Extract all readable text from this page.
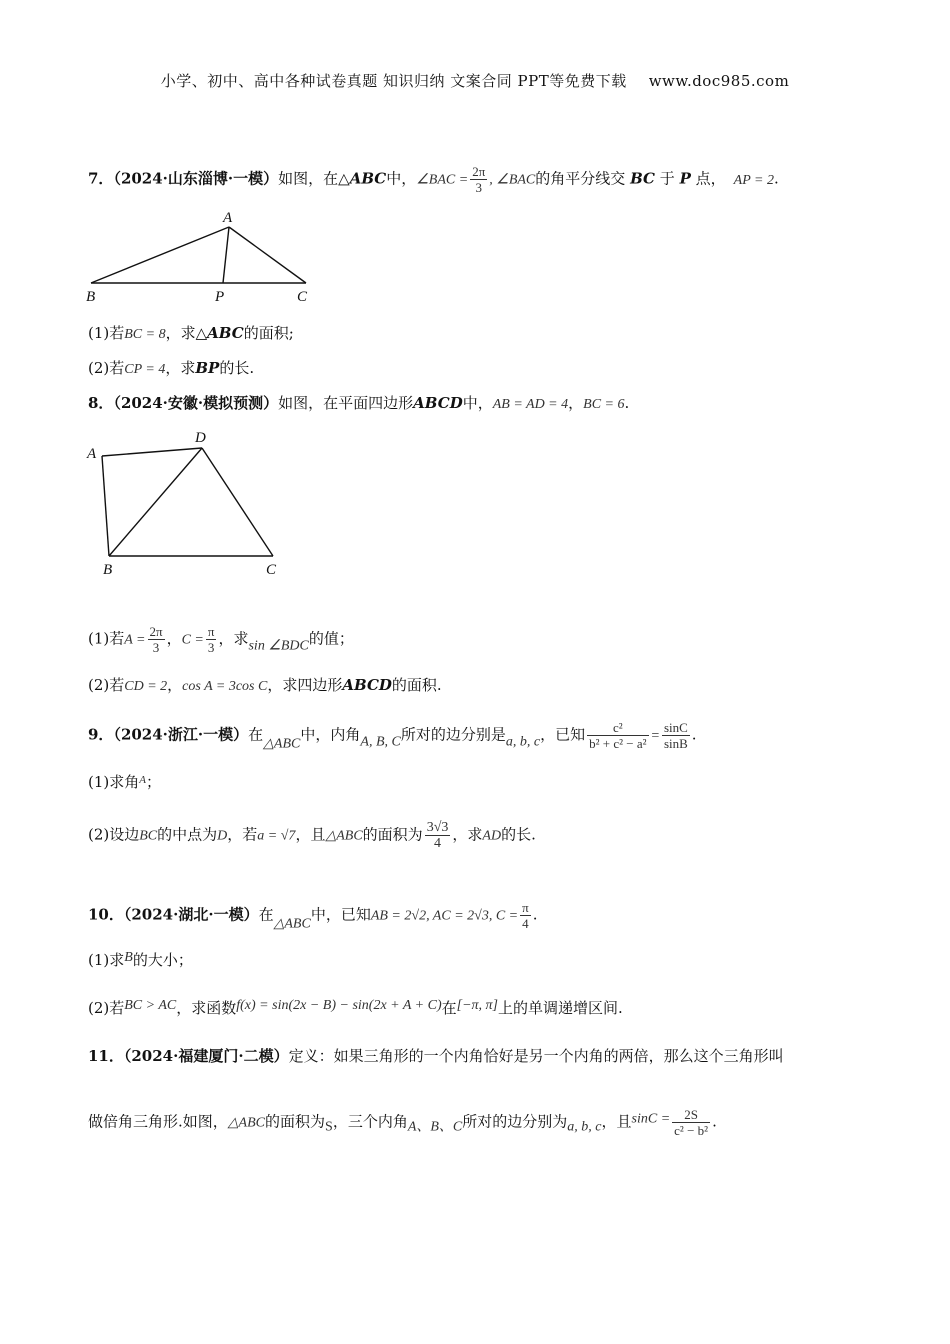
小学、初中、高中各种试卷真题 知识归纳 文案合同 PPT等免费下载 www.doc985.com
7．（2024·山东淄博·一模）如图，在△ABC中，∠BAC = $\frac{2\pi}{3}$ , ∠BAC的角平分线交 BC 于 P 点， AP = 2.
A
B	P	C
(1)若BC = 8，求△ABC的面积;
(2)若CP = 4，求BP的长.
8．（2024·安徽·模拟预测）如图，在平面四边形ABCD中，AB = AD = 4，BC = 6.
A
D
B	C
(1)若$A = \frac{2\pi}{3}$ ，$C = \frac{\pi}{3}$ ，求sin ∠BDC的值；
(2)若CD = 2，cos A = 3cos C，求四边形ABCD的面积.
9．（2024·浙江·一模）在△ABC中，内角A, B, C所对的边分别是a, b, c，已知 $\frac{\text{c²}}{\text{b² + c² − a²}} = \frac{\sin C}{\sin B}$ .
(1)求角$^A$；
(2)设边BC的中点为D，若a = √7，且△ABC的面积为 $\frac{3√3}{4}$ ，求AD的长.
10．（2024·湖北·一模）在△ABC中，已知AB = 2√2, AC = 2√3, $C = \frac{\pi}{4}$ .
(1)求B的大小；
(2)若BC > AC，求函数f(x) = sin(2x − B) − sin(2x + A + C)在[−π, π]上的单调递增区间.
11．（2024·福建厦门·二模）定义：如果三角形的一个内角恰好是另一个内角的两倍，那么这个三角形叫
做倍角三角形.如图，△ABC的面积为S，三个内角A、B、C所对的边分别为a, b, c，且$\sin C = \frac{2S}{\text{c² − b²}}$ .
